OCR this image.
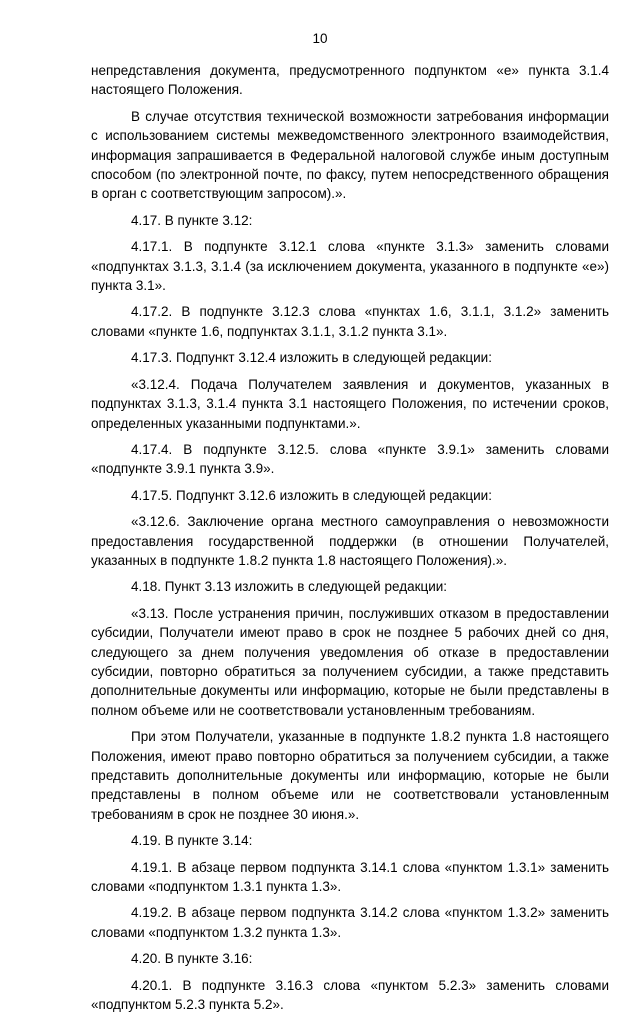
10

непредставления документа, предусмотренного подпунктом «е» пункта 3.1.4 настоящего Положения.

В случае отсутствия технической возможности затребования информации с использованием системы межведомственного электронного взаимодействия, информация запрашивается в Федеральной налоговой службе иным доступным способом (по электронной почте, по факсу, путем непосредственного обращения в орган с соответствующим запросом).».

4.17. В пункте 3.12:

4.17.1. В подпункте 3.12.1 слова «пункте 3.1.3» заменить словами «подпунктах 3.1.3, 3.1.4 (за исключением документа, указанного в подпункте «е») пункта 3.1».

4.17.2. В подпункте 3.12.3 слова «пунктах 1.6, 3.1.1, 3.1.2» заменить словами «пункте 1.6, подпунктах 3.1.1, 3.1.2 пункта 3.1».

4.17.3. Подпункт 3.12.4 изложить в следующей редакции:

«3.12.4. Подача Получателем заявления и документов, указанных в подпунктах 3.1.3, 3.1.4 пункта 3.1 настоящего Положения, по истечении сроков, определенных указанными подпунктами.».

4.17.4. В подпункте 3.12.5. слова «пункте 3.9.1» заменить словами «подпункте 3.9.1 пункта 3.9».

4.17.5. Подпункт 3.12.6 изложить в следующей редакции:

«3.12.6. Заключение органа местного самоуправления о невозможности предоставления государственной поддержки (в отношении Получателей, указанных в подпункте 1.8.2 пункта 1.8 настоящего Положения).».

4.18. Пункт 3.13 изложить в следующей редакции:

«3.13. После устранения причин, послуживших отказом в предоставлении субсидии, Получатели имеют право в срок не позднее 5 рабочих дней со дня, следующего за днем получения уведомления об отказе в предоставлении субсидии, повторно обратиться за получением субсидии, а также представить дополнительные документы или информацию, которые не были представлены в полном объеме или не соответствовали установленным требованиям.

При этом Получатели, указанные в подпункте 1.8.2 пункта 1.8 настоящего Положения, имеют право повторно обратиться за получением субсидии, а также представить дополнительные документы или информацию, которые не были представлены в полном объеме или не соответствовали установленным требованиям в срок не позднее 30 июня.».

4.19. В пункте 3.14:

4.19.1. В абзаце первом подпункта 3.14.1 слова «пунктом 1.3.1» заменить словами «подпунктом 1.3.1 пункта 1.3».

4.19.2. В абзаце первом подпункта 3.14.2 слова «пунктом 1.3.2» заменить словами «подпунктом 1.3.2 пункта 1.3».

4.20. В пункте 3.16:

4.20.1. В подпункте 3.16.3 слова «пунктом 5.2.3» заменить словами «подпунктом 5.2.3 пункта 5.2».
